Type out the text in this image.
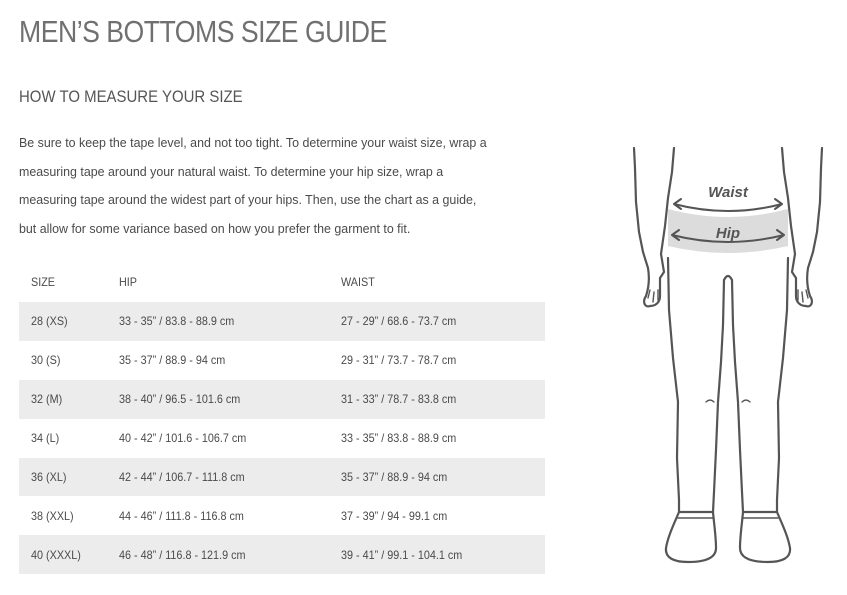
MEN’S BOTTOMS SIZE GUIDE
HOW TO MEASURE YOUR SIZE

Be sure to keep the tape level, and not too tight. To determine your waist size, wrap a
measuring tape around your natural waist. To determine your hip size, wrap a
measuring tape around the widest part of your hips. Then, use the chart as a guide,
but allow for some variance based on how you prefer the garment to fit.

SIZE	HIP	WAIST
28 (XS)	33 - 35” / 83.8 - 88.9 cm	27 - 29” / 68.6 - 73.7 cm
30 (S)	35 - 37” / 88.9 - 94 cm	29 - 31” / 73.7 - 78.7 cm
32 (M)	38 - 40” / 96.5 - 101.6 cm	31 - 33” / 78.7 - 83.8 cm
34 (L)	40 - 42” / 101.6 - 106.7 cm	33 - 35” / 83.8 - 88.9 cm
36 (XL)	42 - 44” / 106.7 - 111.8 cm	35 - 37” / 88.9 - 94 cm
38 (XXL)	44 - 46” / 111.8 - 116.8 cm	37 - 39” / 94 - 99.1 cm
40 (XXXL)	46 - 48” / 116.8 - 121.9 cm	39 - 41” / 99.1 - 104.1 cm
Waist
Hip
